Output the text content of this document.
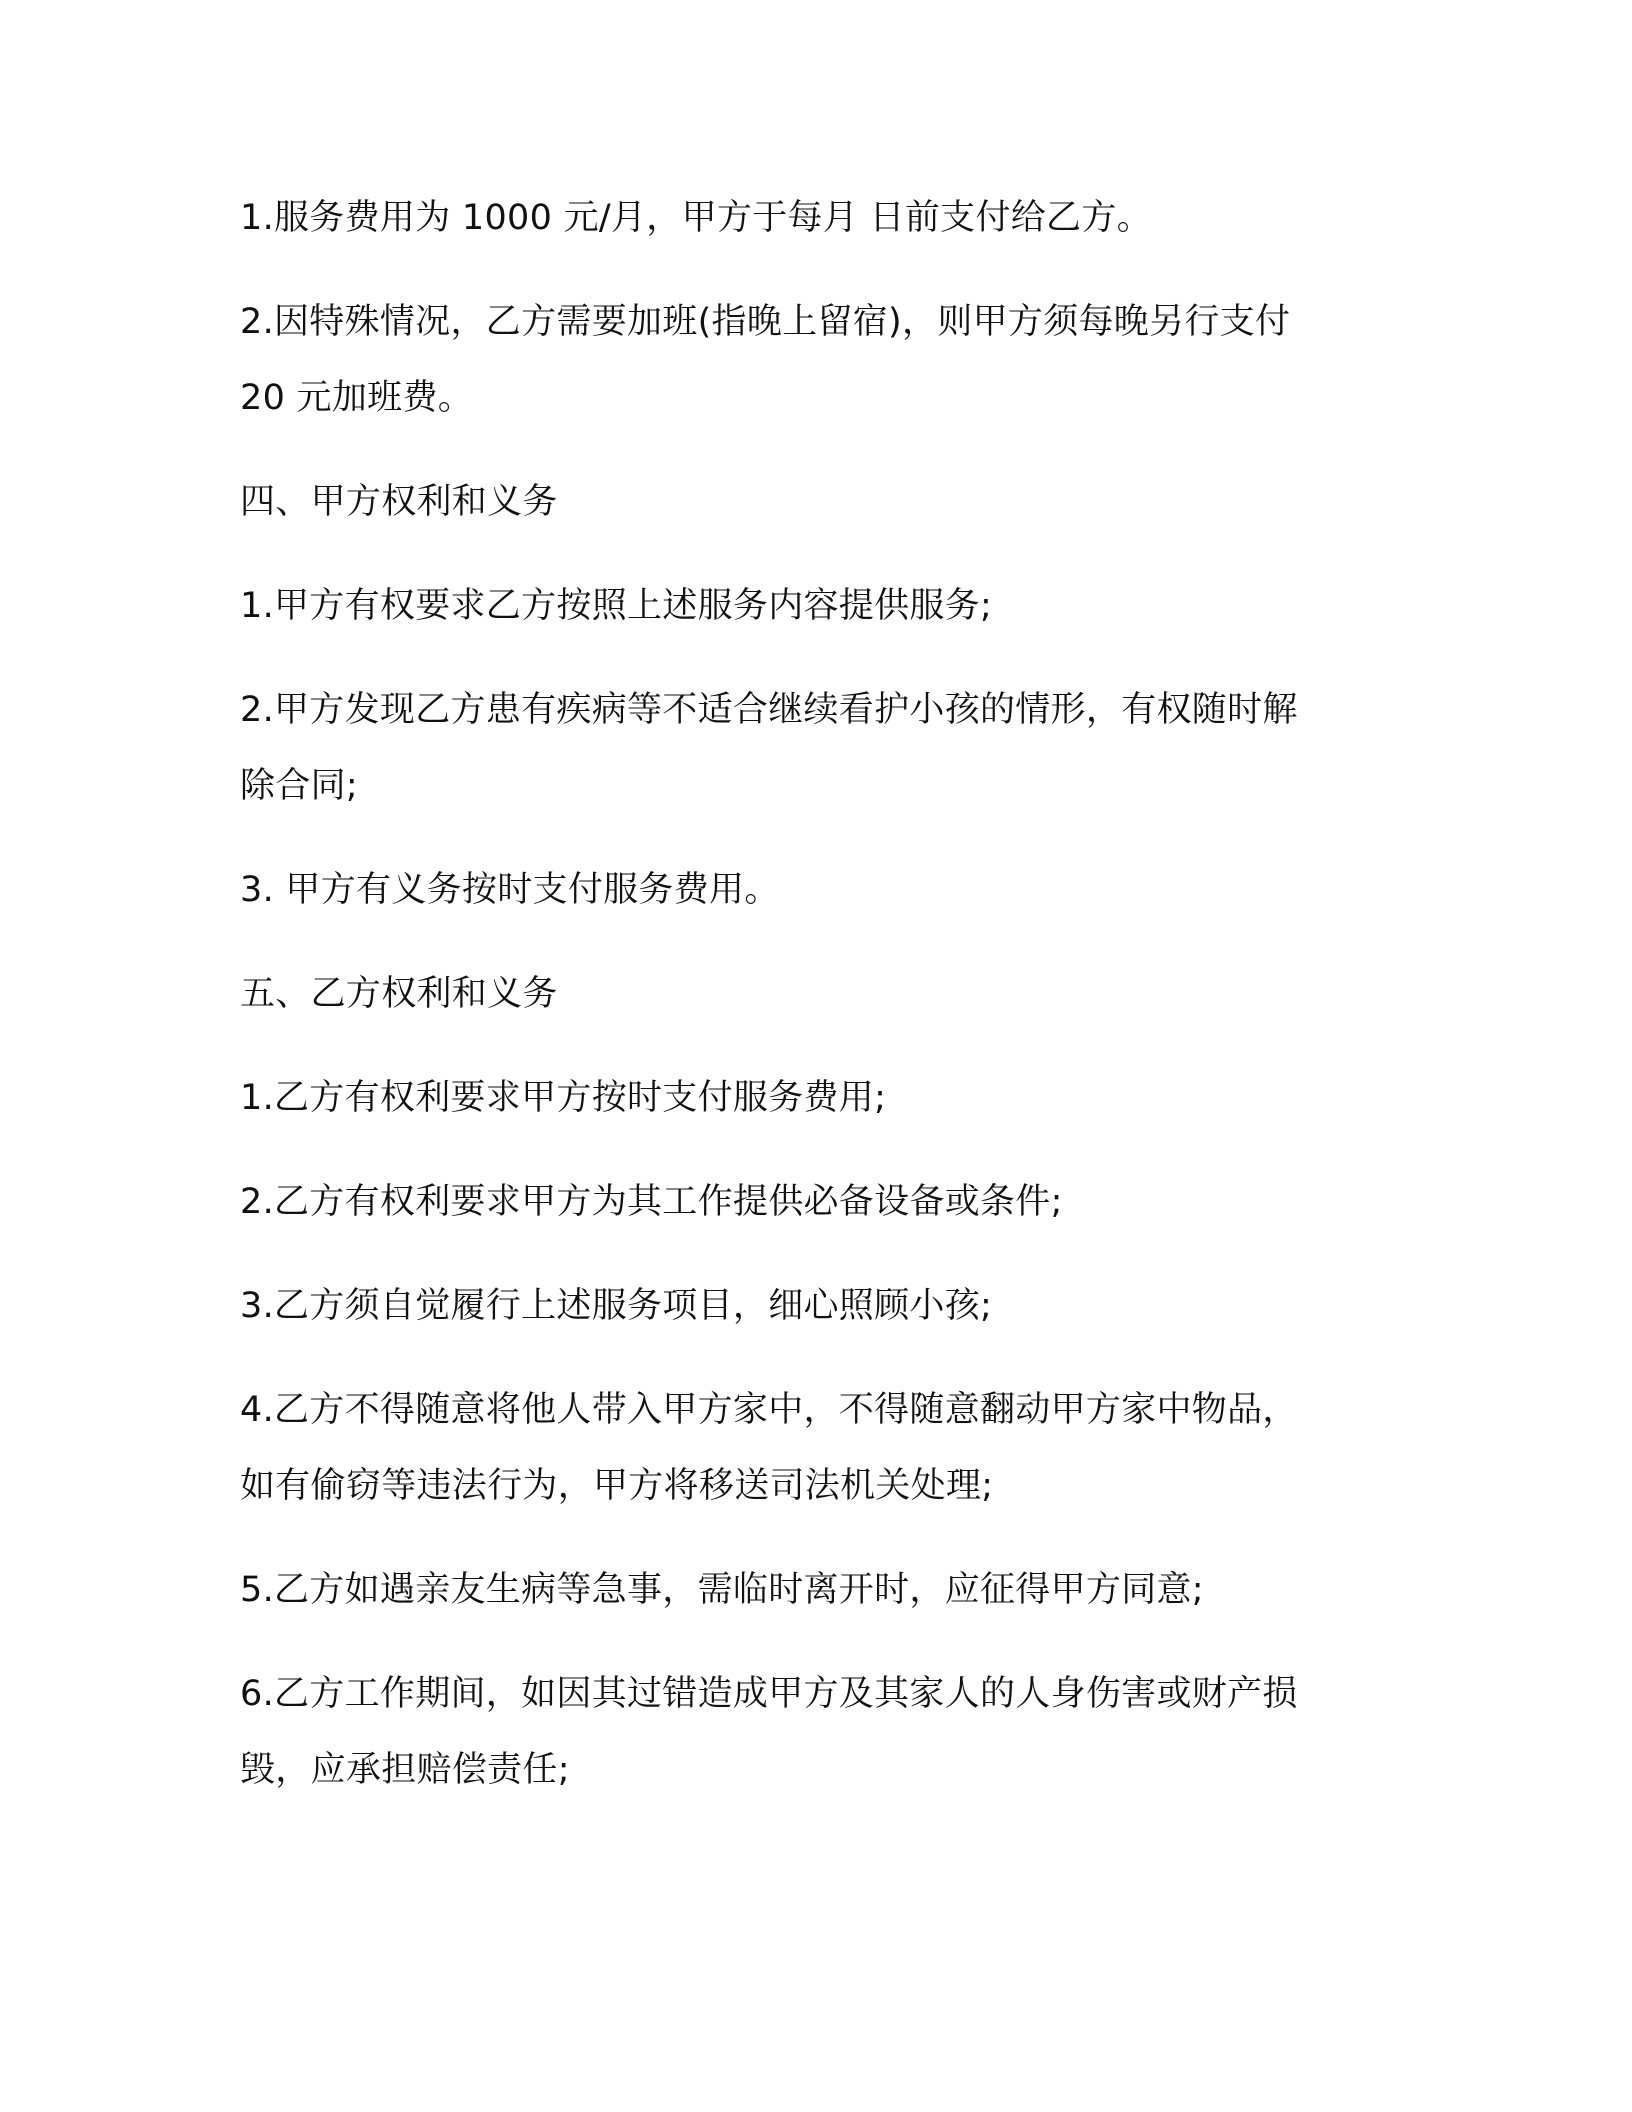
1.服务费用为 1000 元/月，甲方于每月 日前支付给乙方。

2.因特殊情况，乙方需要加班(指晚上留宿)，则甲方须每晚另行支付

20 元加班费。

四、甲方权利和义务

1.甲方有权要求乙方按照上述服务内容提供服务;

2.甲方发现乙方患有疾病等不适合继续看护小孩的情形，有权随时解

除合同;

3. 甲方有义务按时支付服务费用。

五、乙方权利和义务

1.乙方有权利要求甲方按时支付服务费用;

2.乙方有权利要求甲方为其工作提供必备设备或条件;

3.乙方须自觉履行上述服务项目，细心照顾小孩;

4.乙方不得随意将他人带入甲方家中，不得随意翻动甲方家中物品，

如有偷窃等违法行为，甲方将移送司法机关处理;

5.乙方如遇亲友生病等急事，需临时离开时，应征得甲方同意;

6.乙方工作期间，如因其过错造成甲方及其家人的人身伤害或财产损

毁，应承担赔偿责任;
